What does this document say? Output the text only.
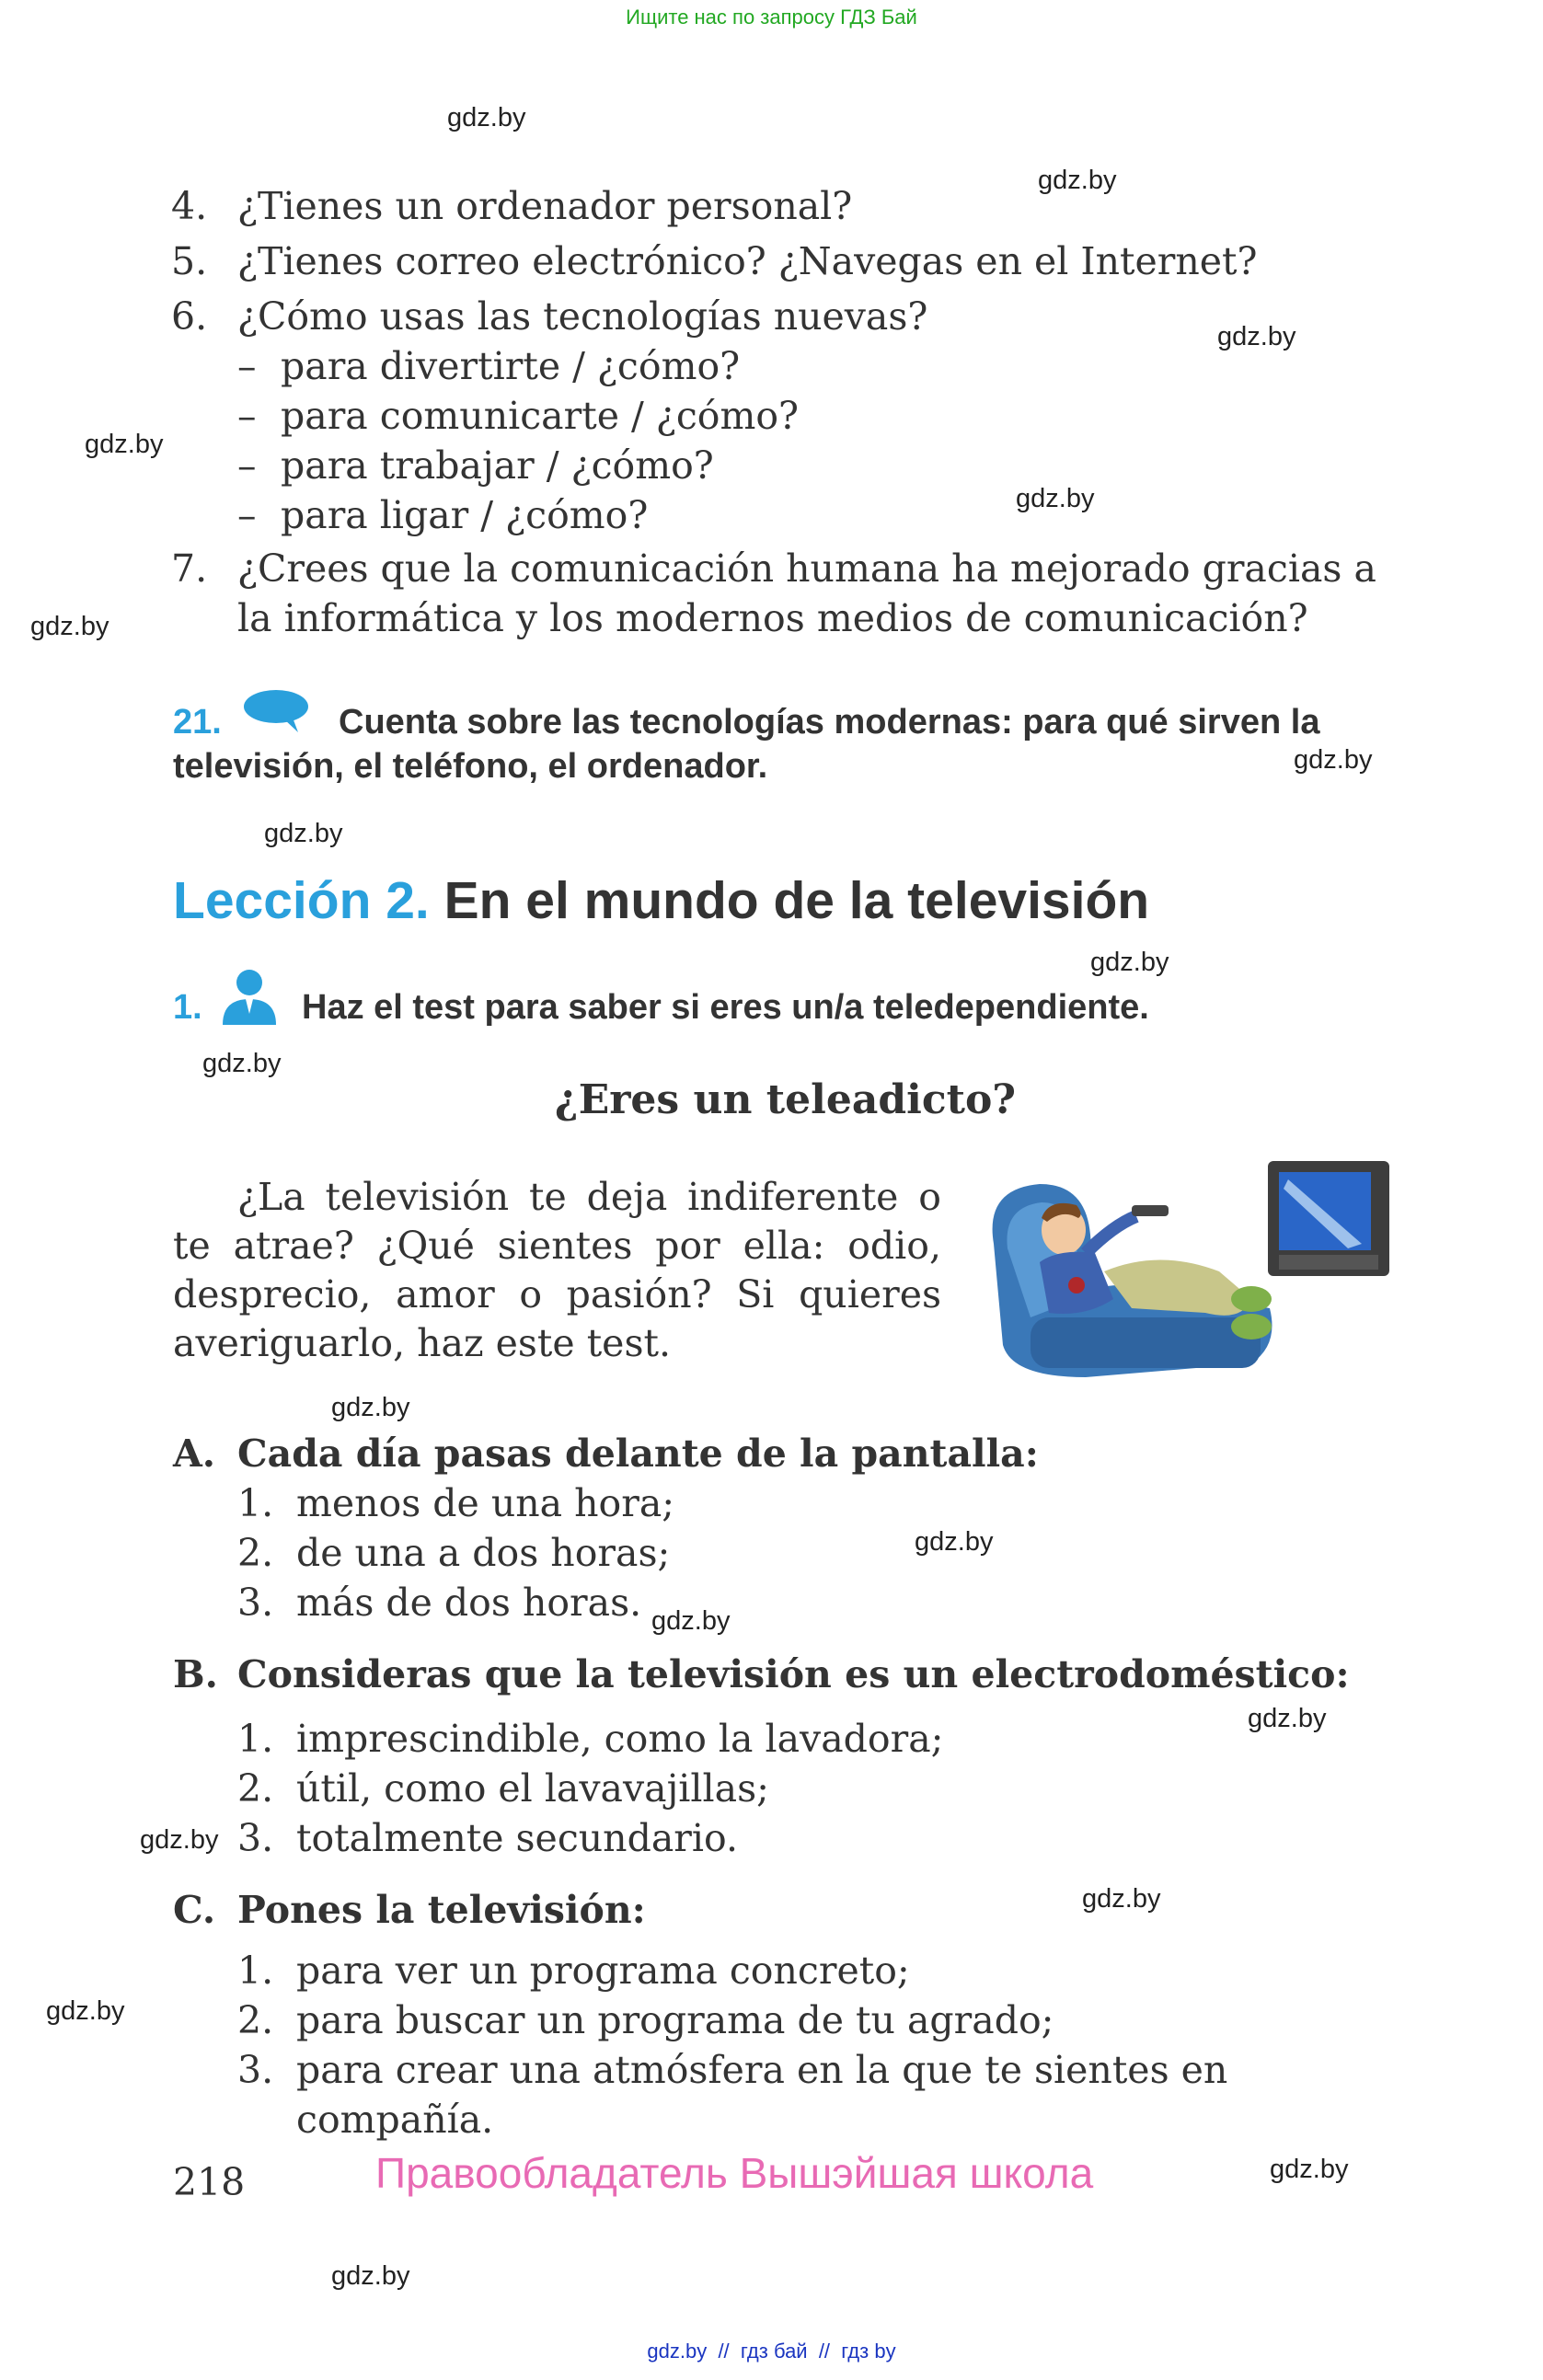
Ищите нас по запросу ГДЗ Бай
gdz.by
gdz.by
gdz.by
gdz.by
gdz.by
gdz.by
gdz.by
gdz.by
gdz.by
gdz.by
gdz.by
gdz.by
gdz.by
gdz.by
gdz.by
gdz.by
gdz.by
gdz.by
gdz.by
4. ¿Tienes un ordenador personal?
5. ¿Tienes correo electrónico? ¿Navegas en el Internet?
6. ¿Cómo usas las tecnologías nuevas?
– para divertirte / ¿cómo?
– para comunicarte / ¿cómo?
– para trabajar / ¿cómo?
– para ligar / ¿cómo?
7. ¿Crees que la comunicación humana ha mejorado gracias a
la informática y los modernos medios de comunicación?
21.	Cuenta sobre las tecnologías modernas: para qué sirven la
televisión, el teléfono, el ordenador.
Lección 2. En el mundo de la televisión
1.	Haz el test para saber si eres un/a teledependiente.
¿Eres un teleadicto?

¿La televisión te deja indiferente o te atrae? ¿Qué sientes por ella: odio, desprecio, amor o pasión? Si quieres averiguarlo, haz este test.

A. Cada día pasas delante de la pantalla:
1. menos de una hora;
2. de una a dos horas;
3. más de dos horas.
B. Consideras que la televisión es un electrodoméstico:
1. imprescindible, como la lavadora;
2. útil, como el lavavajillas;
3. totalmente secundario.
C. Pones la televisión:
1. para ver un programa concreto;
2. para buscar un programa de tu agrado;
3. para crear una atmósfera en la que te sientes en
compañía.
218	Правообладатель Вышэйшая школа
gdz.by  //  гдз бай  //  гдз by
